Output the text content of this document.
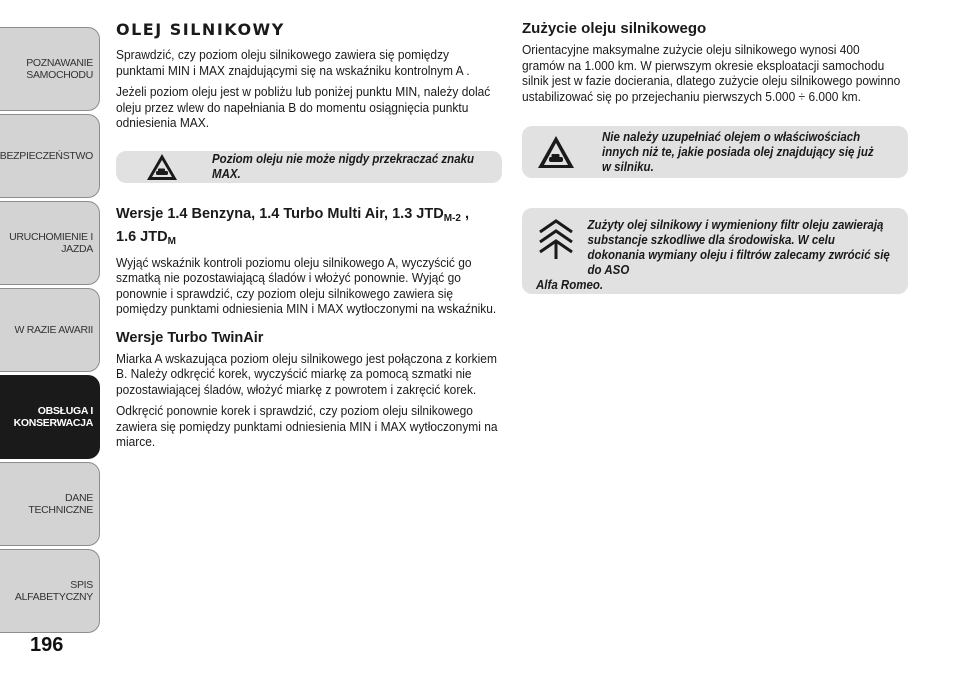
POZNAWANIE
SAMOCHODU
BEZPIECZEŃSTWO
URUCHOMIENIE I
JAZDA
W RAZIE AWARII
OBSŁUGA I
KONSERWACJA
DANE TECHNICZNE
SPIS ALFABETYCZNY
196
OLEJ SILNIKOWY

Sprawdzić, czy poziom oleju silnikowego zawiera się pomiędzy punktami MIN i MAX znajdującymi się na wskaźniku kontrolnym A .

Jeżeli poziom oleju jest w pobliżu lub poniżej punktu MIN, należy dolać oleju przez wlew do napełniania B do momentu osiągnięcia punktu odniesienia MAX.

Poziom oleju nie może nigdy przekraczać znaku MAX.
Wersje 1.4 Benzyna, 1.4 Turbo Multi Air, 1.3 $JTD_{M-2}$ ,
1.6 $JTD_M$

Wyjąć wskaźnik kontroli poziomu oleju silnikowego A, wyczyścić go szmatką nie pozostawiającą śladów i włożyć ponownie. Wyjąć go ponownie i sprawdzić, czy poziom oleju silnikowego zawiera się pomiędzy punktami odniesienia MIN i MAX wytłoczonymi na wskaźniku.

Wersje Turbo TwinAir

Miarka A wskazująca poziom oleju silnikowego jest połączona z korkiem B. Należy odkręcić korek, wyczyścić miarkę za pomocą szmatki nie pozostawiającej śladów, włożyć miarkę z powrotem i zakręcić korek.

Odkręcić ponownie korek i sprawdzić, czy poziom oleju silnikowego zawiera się pomiędzy punktami odniesienia MIN i MAX wytłoczonymi na miarce.

Zużycie oleju silnikowego

Orientacyjne maksymalne zużycie oleju silnikowego wynosi 400 gramów na 1.000 km. W pierwszym okresie eksploatacji samochodu silnik jest w fazie docierania, dlatego zużycie oleju silnikowego powinno ustabilizować się po przejechaniu pierwszych 5.000 ÷ 6.000 km.

Nie należy uzupełniać olejem o właściwościach innych niż te, jakie posiada olej znajdujący się już w silniku.
Zużyty olej silnikowy i wymieniony filtr oleju zawierają substancje szkodliwe dla środowiska. W celu dokonania wymiany oleju i filtrów zalecamy zwrócić się do ASO
Alfa Romeo.
